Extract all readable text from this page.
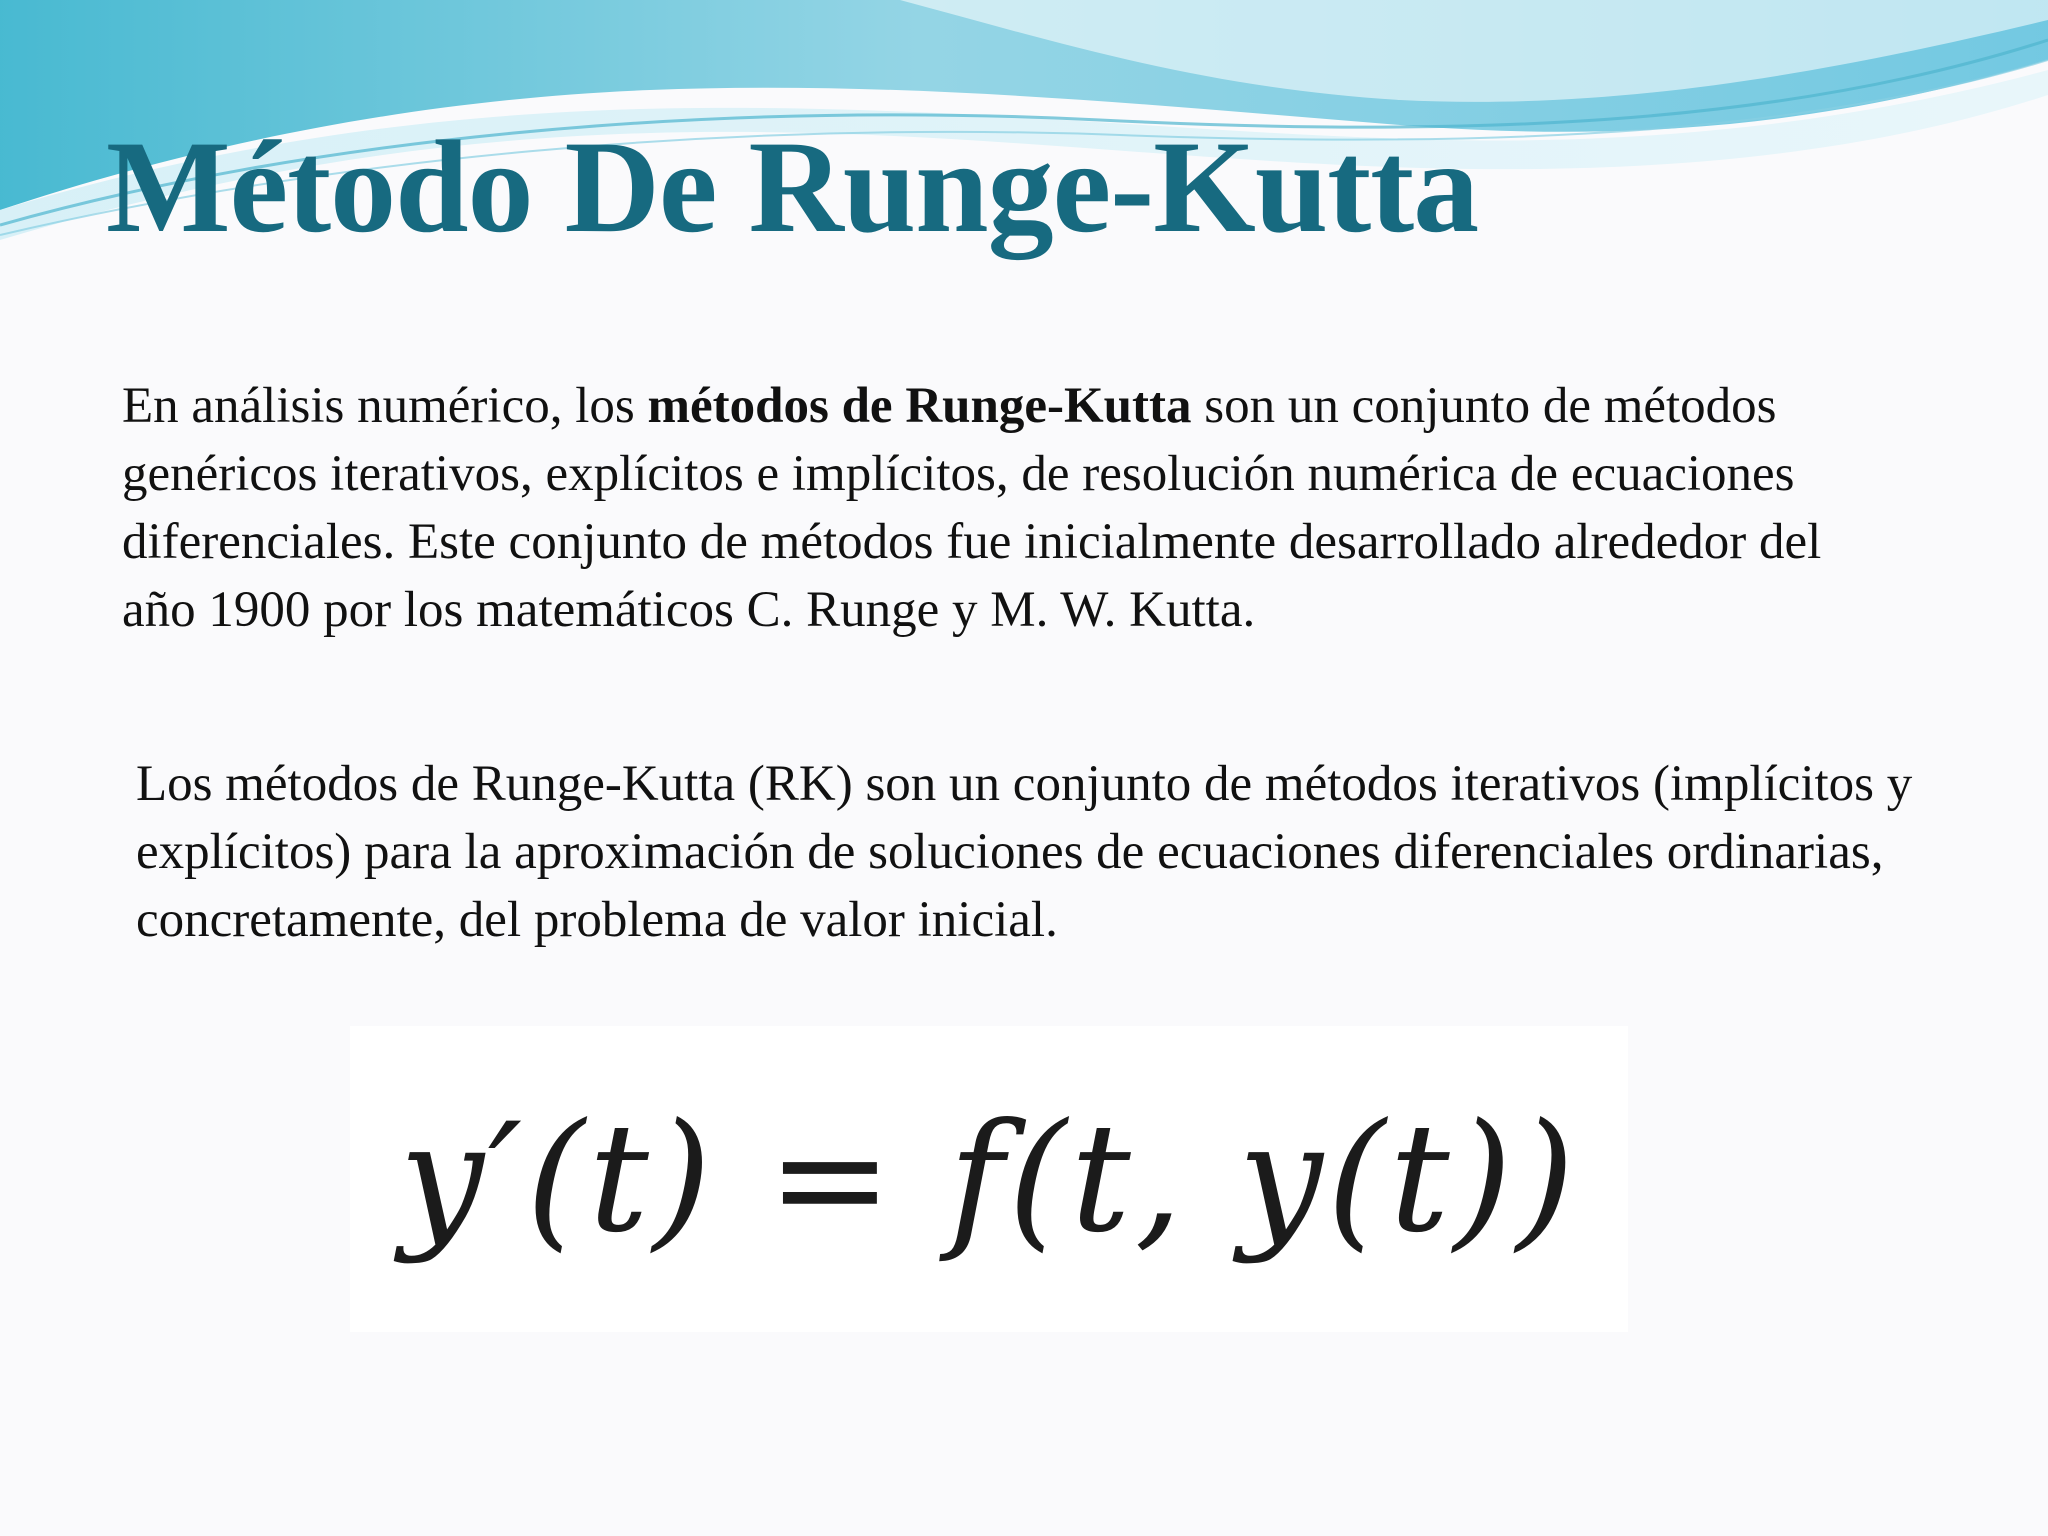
Método De Runge-Kutta

En análisis numérico, los métodos de Runge-Kutta son un conjunto de métodos genéricos iterativos, explícitos e implícitos, de resolución numérica de ecuaciones diferenciales. Este conjunto de métodos fue inicialmente desarrollado alrededor del año 1900 por los matemáticos C. Runge y M. W. Kutta.

Los métodos de Runge-Kutta (RK) son un conjunto de métodos iterativos (implícitos y explícitos) para la aproximación de soluciones de ecuaciones diferenciales ordinarias, concretamente, del problema de valor inicial.

y′(t) = f(t, y(t))
